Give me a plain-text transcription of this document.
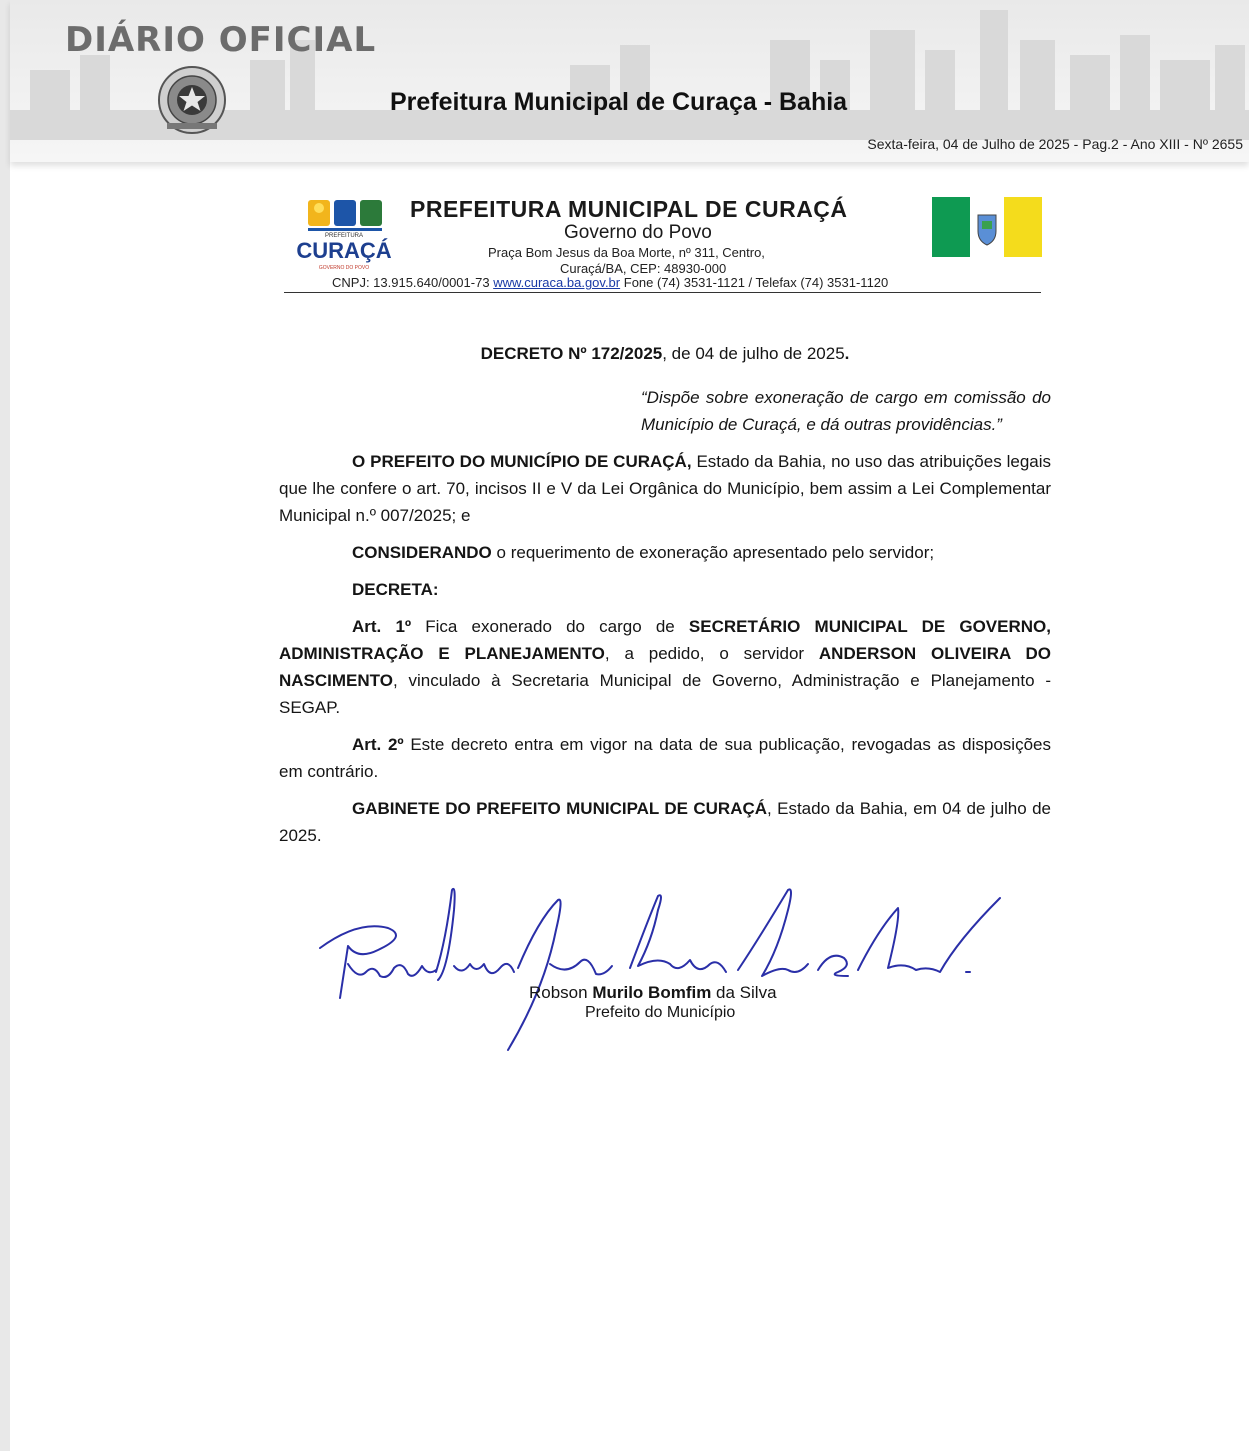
DIÁRIO OFICIAL
Prefeitura Municipal de Curaça - Bahia
Sexta-feira, 04 de Julho de 2025 - Pag.2 - Ano XIII - Nº 2655
PREFEITURA
CURAÇÁ
GOVERNO DO POVO
PREFEITURA MUNICIPAL DE CURAÇÁ
Governo do Povo
Praça Bom Jesus da Boa Morte, nº 311, Centro,
Curaçá/BA, CEP: 48930-000
CNPJ: 13.915.640/0001-73 www.curaca.ba.gov.br Fone (74) 3531-1121 / Telefax (74) 3531-1120

DECRETO Nº 172/2025, de 04 de julho de 2025.

“Dispõe sobre exoneração de cargo em comissão do Município de Curaçá, e dá outras providências.”

O PREFEITO DO MUNICÍPIO DE CURAÇÁ, Estado da Bahia, no uso das atribuições legais que lhe confere o art. 70, incisos II e V da Lei Orgânica do Município, bem assim a Lei Complementar Municipal n.º 007/2025; e

CONSIDERANDO o requerimento de exoneração apresentado pelo servidor;

DECRETA:

Art. 1º Fica exonerado do cargo de SECRETÁRIO MUNICIPAL DE GOVERNO, ADMINISTRAÇÃO E PLANEJAMENTO, a pedido, o servidor ANDERSON OLIVEIRA DO NASCIMENTO, vinculado à Secretaria Municipal de Governo, Administração e Planejamento - SEGAP.

Art. 2º Este decreto entra em vigor na data de sua publicação, revogadas as disposições em contrário.

GABINETE DO PREFEITO MUNICIPAL DE CURAÇÁ, Estado da Bahia, em 04 de julho de 2025.

Robson Murilo Bomfim da Silva
Prefeito do Município
